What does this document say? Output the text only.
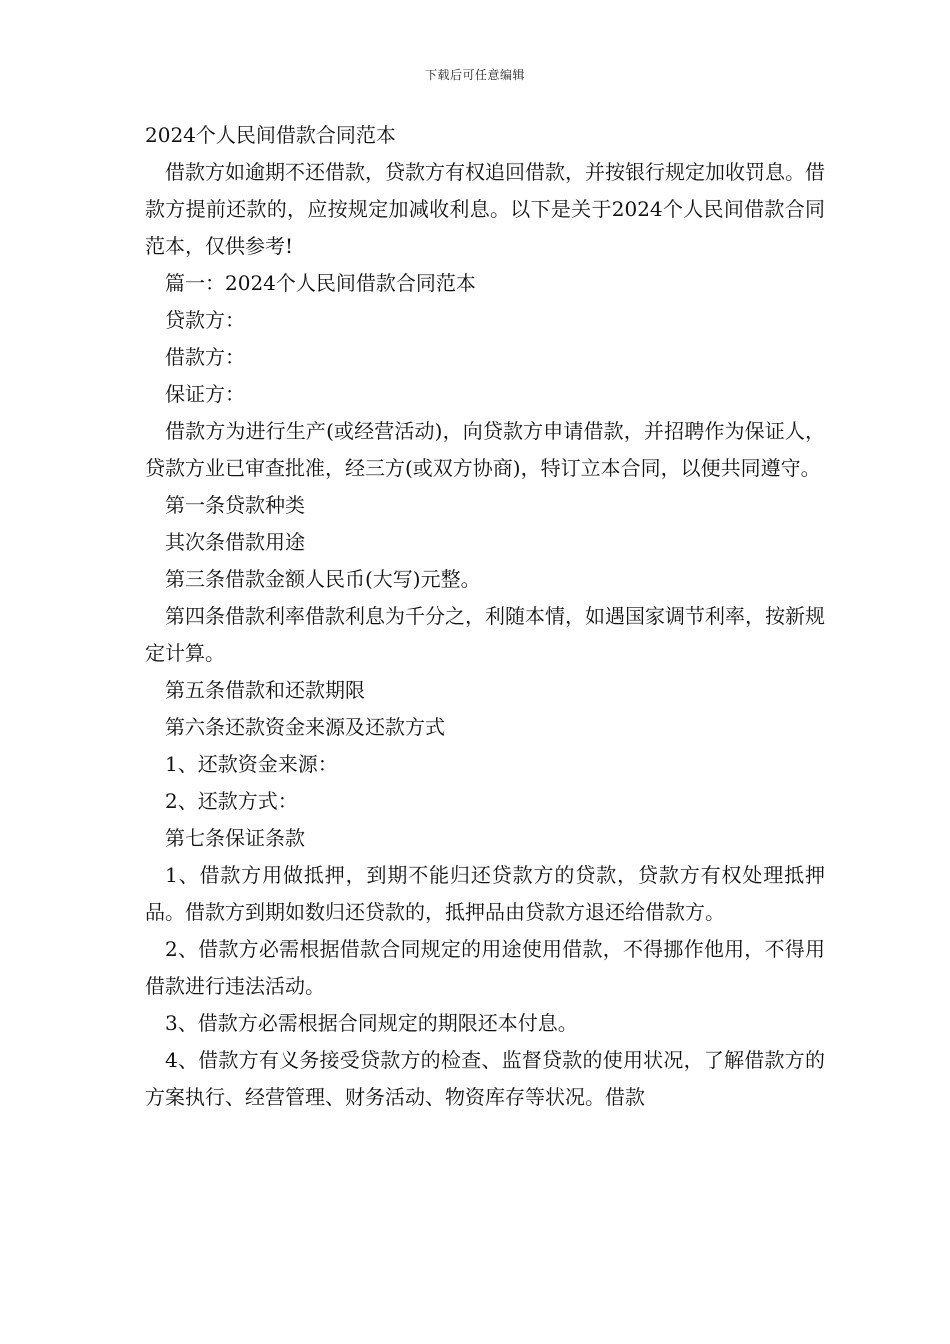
下载后可任意编辑
2024个人民间借款合同范本

借款方如逾期不还借款，贷款方有权追回借款，并按银行规定加收罚息。借款方提前还款的，应按规定加减收利息。以下是关于2024个人民间借款合同范本，仅供参考!

篇一：2024个人民间借款合同范本

贷款方：

借款方：

保证方：

借款方为进行生产(或经营活动)，向贷款方申请借款，并招聘作为保证人，贷款方业已审查批准，经三方(或双方协商)，特订立本合同，以便共同遵守。

第一条贷款种类

其次条借款用途

第三条借款金额人民币(大写)元整。

第四条借款利率借款利息为千分之，利随本情，如遇国家调节利率，按新规定计算。

第五条借款和还款期限

第六条还款资金来源及还款方式

1、还款资金来源：

2、还款方式：

第七条保证条款

1、借款方用做抵押，到期不能归还贷款方的贷款，贷款方有权处理抵押品。借款方到期如数归还贷款的，抵押品由贷款方退还给借款方。

2、借款方必需根据借款合同规定的用途使用借款，不得挪作他用，不得用借款进行违法活动。

3、借款方必需根据合同规定的期限还本付息。

4、借款方有义务接受贷款方的检查、监督贷款的使用状况，了解借款方的方案执行、经营管理、财务活动、物资库存等状况。借款
